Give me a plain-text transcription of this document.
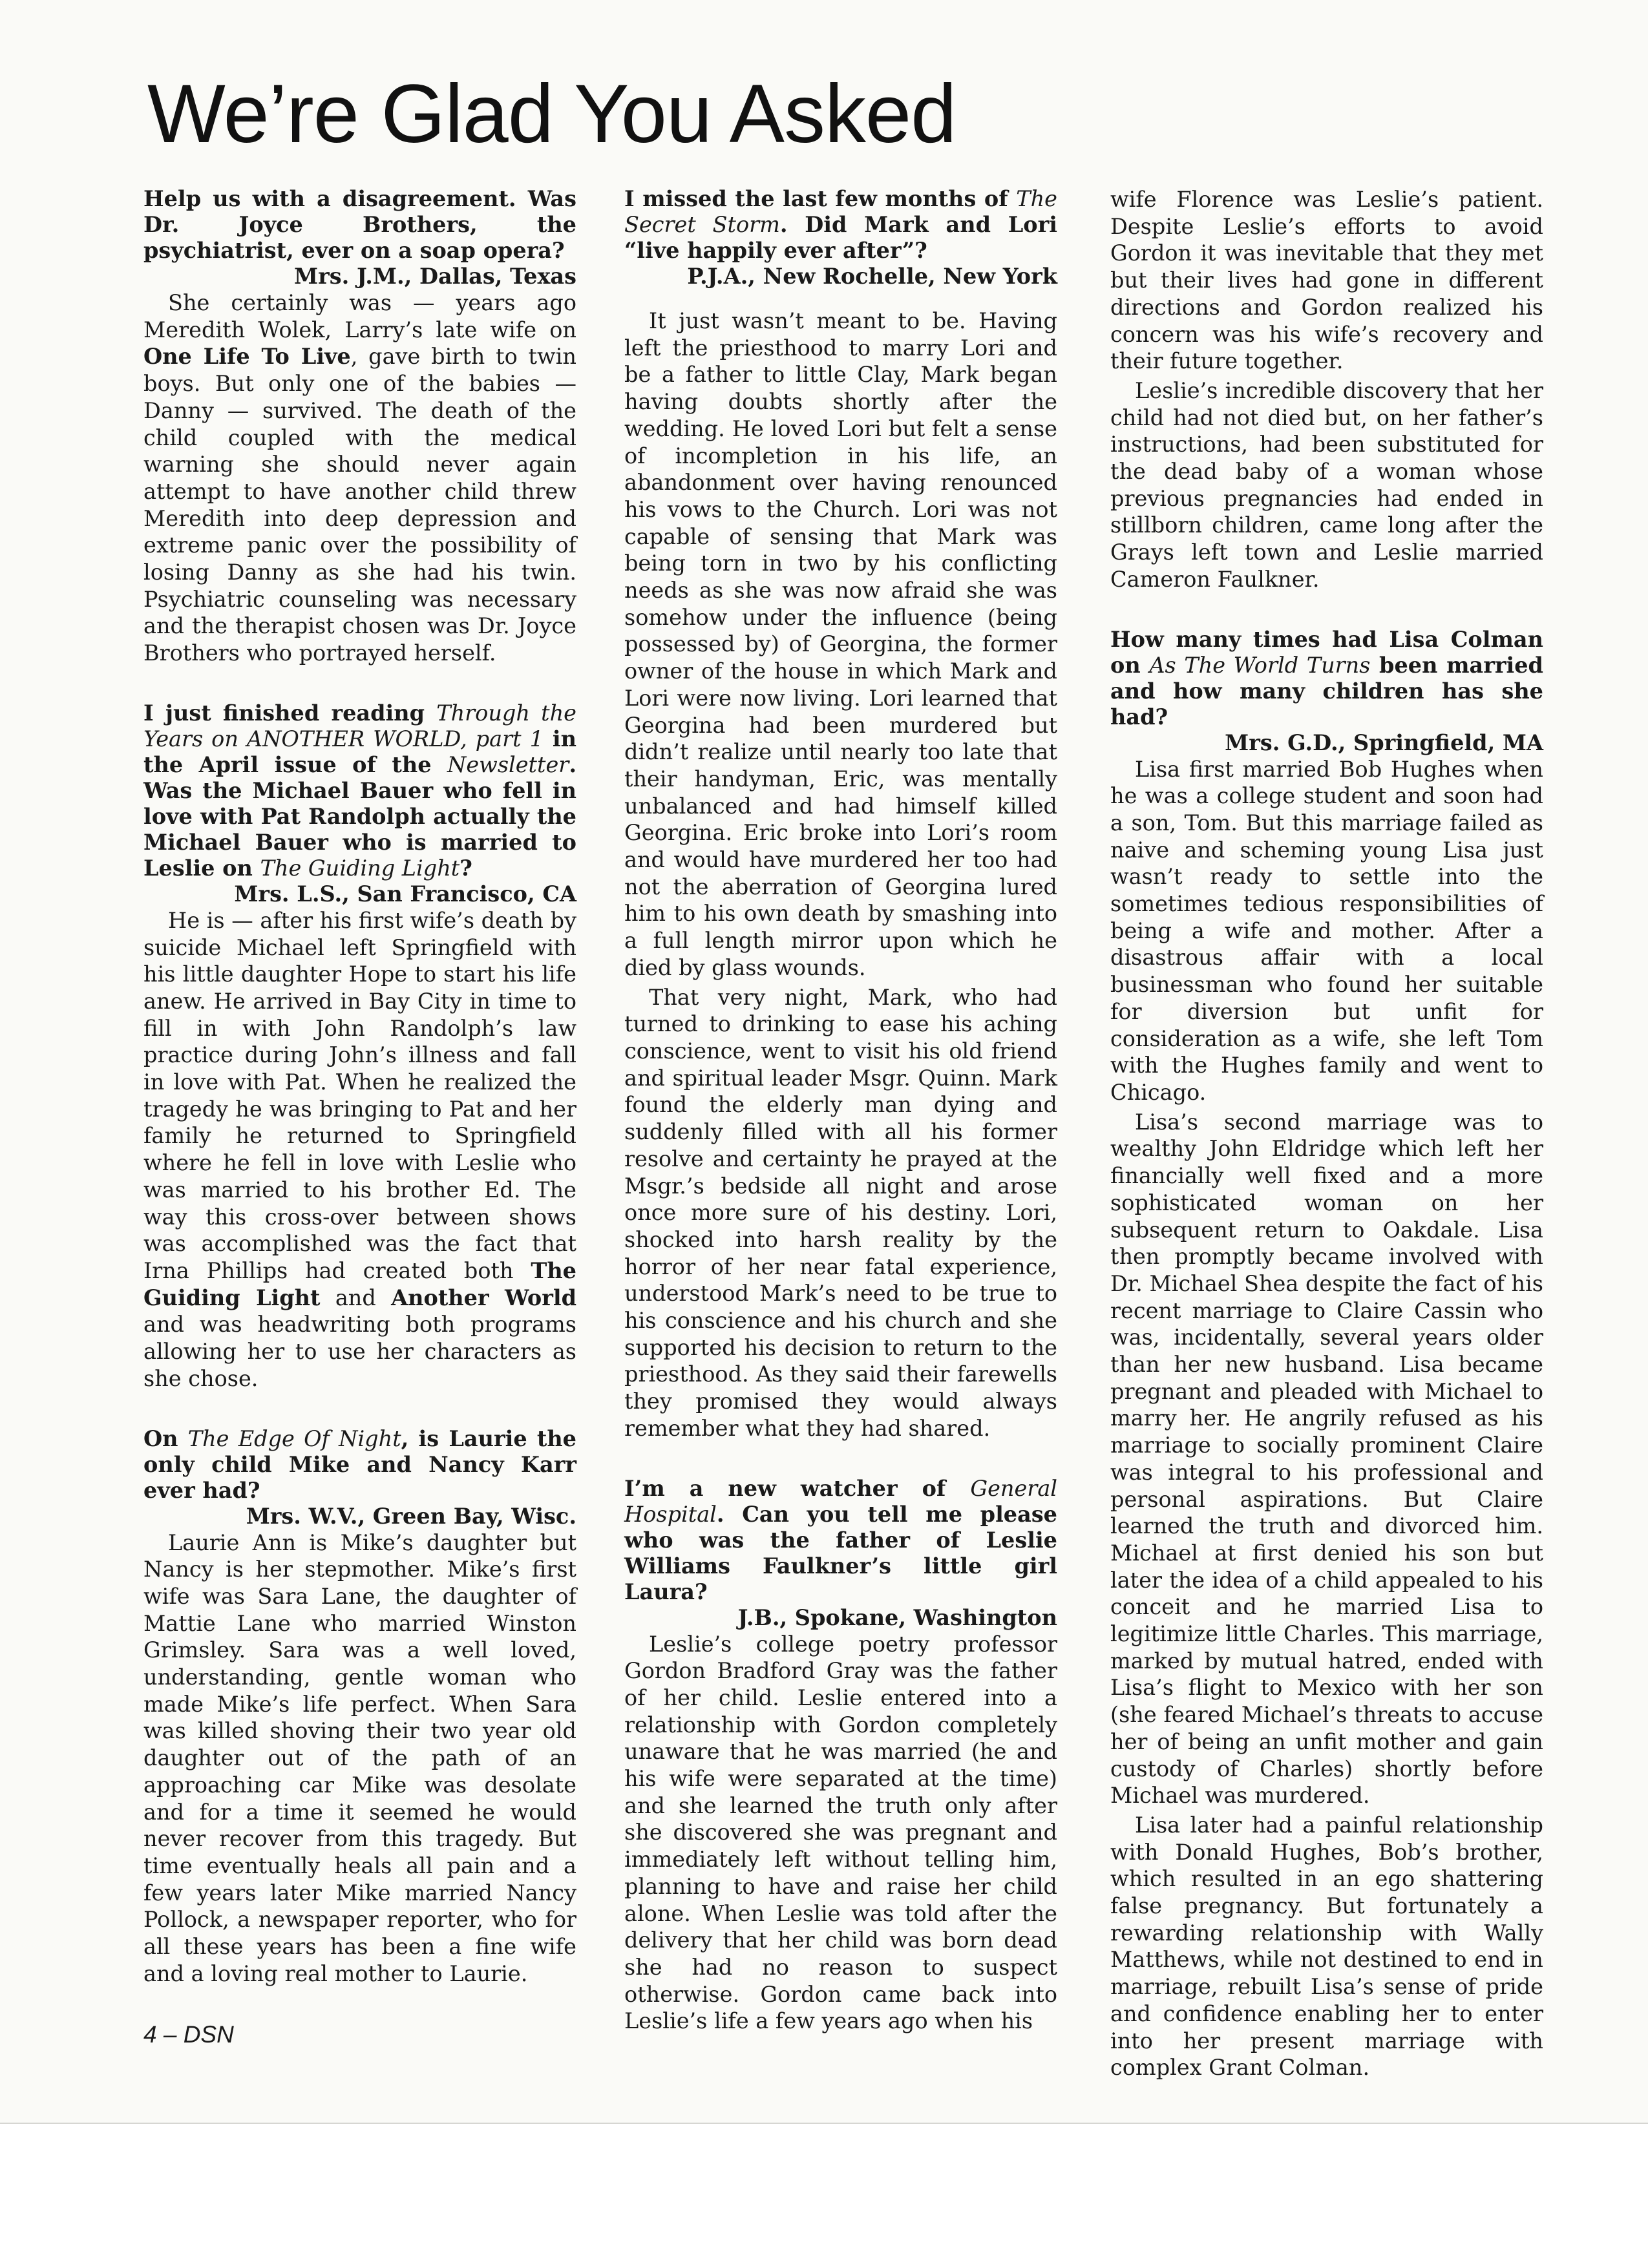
We’re Glad You Asked

Help us with a disagreement. Was Dr. Joyce Brothers, the psychiatrist, ever on a soap opera?

Mrs. J.M., Dallas, Texas

She certainly was — years ago Meredith Wolek, Larry’s late wife on One Life To Live, gave birth to twin boys. But only one of the babies — Danny — survived. The death of the child coupled with the medical warning she should never again attempt to have another child threw Meredith into deep depression and extreme panic over the possibility of losing Danny as she had his twin. Psychiatric counseling was necessary and the therapist chosen was Dr. Joyce Brothers who portrayed herself.

I just finished reading Through the Years on ANOTHER WORLD, part 1 in the April issue of the Newsletter. Was the Michael Bauer who fell in love with Pat Randolph actually the Michael Bauer who is married to Leslie on The Guiding Light?

Mrs. L.S., San Francisco, CA

He is — after his first wife’s death by suicide Michael left Springfield with his little daughter Hope to start his life anew. He arrived in Bay City in time to fill in with John Randolph’s law practice during John’s illness and fall in love with Pat. When he realized the tragedy he was bringing to Pat and her family he returned to Springfield where he fell in love with Leslie who was married to his brother Ed. The way this cross-over between shows was accomplished was the fact that Irna Phillips had created both The Guiding Light and Another World and was headwriting both programs allowing her to use her characters as she chose.

On The Edge Of Night, is Laurie the only child Mike and Nancy Karr ever had?

Mrs. W.V., Green Bay, Wisc.

Laurie Ann is Mike’s daughter but Nancy is her stepmother. Mike’s first wife was Sara Lane, the daughter of Mattie Lane who married Winston Grimsley. Sara was a well loved, understanding, gentle woman who made Mike’s life perfect. When Sara was killed shoving their two year old daughter out of the path of an approaching car Mike was desolate and for a time it seemed he would never recover from this tragedy. But time eventually heals all pain and a few years later Mike married Nancy Pollock, a newspaper reporter, who for all these years has been a fine wife and a loving real mother to Laurie.

I missed the last few months of The Secret Storm. Did Mark and Lori “live happily ever after”?

P.J.A., New Rochelle, New York

It just wasn’t meant to be. Having left the priesthood to marry Lori and be a father to little Clay, Mark began having doubts shortly after the wedding. He loved Lori but felt a sense of incompletion in his life, an abandonment over having renounced his vows to the Church. Lori was not capable of sensing that Mark was being torn in two by his conflicting needs as she was now afraid she was somehow under the influence (being possessed by) of Georgina, the former owner of the house in which Mark and Lori were now living. Lori learned that Georgina had been murdered but didn’t realize until nearly too late that their handyman, Eric, was mentally unbalanced and had himself killed Georgina. Eric broke into Lori’s room and would have murdered her too had not the aberration of Georgina lured him to his own death by smashing into a full length mirror upon which he died by glass wounds.

That very night, Mark, who had turned to drinking to ease his aching conscience, went to visit his old friend and spiritual leader Msgr. Quinn. Mark found the elderly man dying and suddenly filled with all his former resolve and certainty he prayed at the Msgr.’s bedside all night and arose once more sure of his destiny. Lori, shocked into harsh reality by the horror of her near fatal experience, understood Mark’s need to be true to his conscience and his church and she supported his decision to return to the priesthood. As they said their farewells they promised they would always remember what they had shared.

I’m a new watcher of General Hospital. Can you tell me please who was the father of Leslie Williams Faulkner’s little girl Laura?

J.B., Spokane, Washington

Leslie’s college poetry professor Gordon Bradford Gray was the father of her child. Leslie entered into a relationship with Gordon completely unaware that he was married (he and his wife were separated at the time) and she learned the truth only after she discovered she was pregnant and immediately left without telling him, planning to have and raise her child alone. When Leslie was told after the delivery that her child was born dead she had no reason to suspect otherwise. Gordon came back into Leslie’s life a few years ago when his

wife Florence was Leslie’s patient. Despite Leslie’s efforts to avoid Gordon it was inevitable that they met but their lives had gone in different directions and Gordon realized his concern was his wife’s recovery and their future together.

Leslie’s incredible discovery that her child had not died but, on her father’s instructions, had been substituted for the dead baby of a woman whose previous pregnancies had ended in stillborn children, came long after the Grays left town and Leslie married Cameron Faulkner.

How many times had Lisa Colman on As The World Turns been married and how many children has she had?

Mrs. G.D., Springfield, MA

Lisa first married Bob Hughes when he was a college student and soon had a son, Tom. But this marriage failed as naive and scheming young Lisa just wasn’t ready to settle into the sometimes tedious responsibilities of being a wife and mother. After a disastrous affair with a local businessman who found her suitable for diversion but unfit for consideration as a wife, she left Tom with the Hughes family and went to Chicago.

Lisa’s second marriage was to wealthy John Eldridge which left her financially well fixed and a more sophisticated woman on her subsequent return to Oakdale. Lisa then promptly became involved with Dr. Michael Shea despite the fact of his recent marriage to Claire Cassin who was, incidentally, several years older than her new husband. Lisa became pregnant and pleaded with Michael to marry her. He angrily refused as his marriage to socially prominent Claire was integral to his professional and personal aspirations. But Claire learned the truth and divorced him. Michael at first denied his son but later the idea of a child appealed to his conceit and he married Lisa to legitimize little Charles. This marriage, marked by mutual hatred, ended with Lisa’s flight to Mexico with her son (she feared Michael’s threats to accuse her of being an unfit mother and gain custody of Charles) shortly before Michael was murdered.

Lisa later had a painful relationship with Donald Hughes, Bob’s brother, which resulted in an ego shattering false pregnancy. But fortunately a rewarding relationship with Wally Matthews, while not destined to end in marriage, rebuilt Lisa’s sense of pride and confidence enabling her to enter into her present marriage with complex Grant Colman.

4 – DSN
